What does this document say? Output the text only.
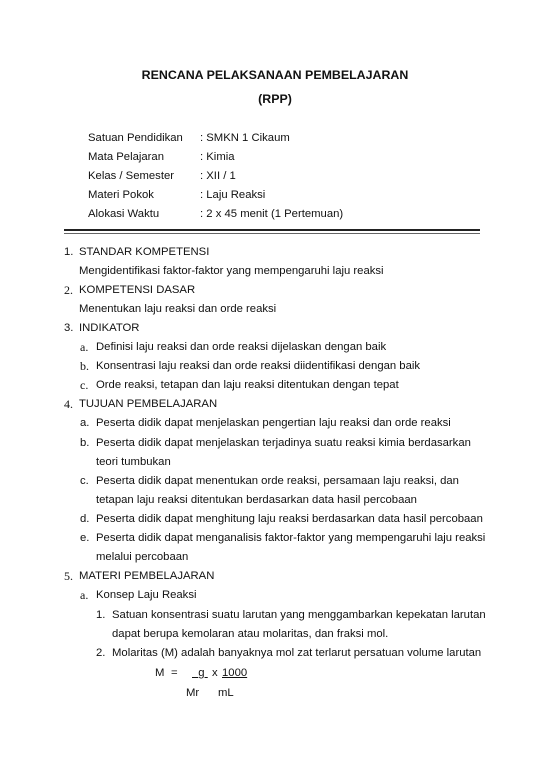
RENCANA PELAKSANAAN PEMBELAJARAN
(RPP)
Satuan Pendidikan : SMKN 1 Cikaum
Mata Pelajaran	: Kimia
Kelas / Semester : XII / 1
Materi Pokok	: Laju Reaksi
Alokasi Waktu	: 2 x 45 menit (1 Pertemuan)
1. STANDAR KOMPETENSI
Mengidentifikasi faktor-faktor yang mempengaruhi laju reaksi
2. KOMPETENSI DASAR
Menentukan laju reaksi dan orde reaksi
3. INDIKATOR
a. Definisi laju reaksi dan orde reaksi dijelaskan dengan baik
b. Konsentrasi laju reaksi dan orde reaksi diidentifikasi dengan baik
c. Orde reaksi, tetapan dan laju reaksi ditentukan dengan tepat
4. TUJUAN PEMBELAJARAN
a. Peserta didik dapat menjelaskan pengertian laju reaksi dan orde reaksi
b. Peserta didik dapat menjelaskan terjadinya suatu reaksi kimia berdasarkan
teori tumbukan
c. Peserta didik dapat menentukan orde reaksi, persamaan laju reaksi, dan
tetapan laju reaksi ditentukan berdasarkan data hasil percobaan
d. Peserta didik dapat menghitung laju reaksi berdasarkan data hasil percobaan
e. Peserta didik dapat menganalisis faktor-faktor yang mempengaruhi laju reaksi
melalui percobaan
5. MATERI PEMBELAJARAN
a. Konsep Laju Reaksi
1. Satuan konsentrasi suatu larutan yang menggambarkan kepekatan larutan
dapat berupa kemolaran atau molaritas, dan fraksi mol.
2. Molaritas (M) adalah banyaknya mol zat terlarut persatuan volume larutan
M =	g x 1000
Mr mL
